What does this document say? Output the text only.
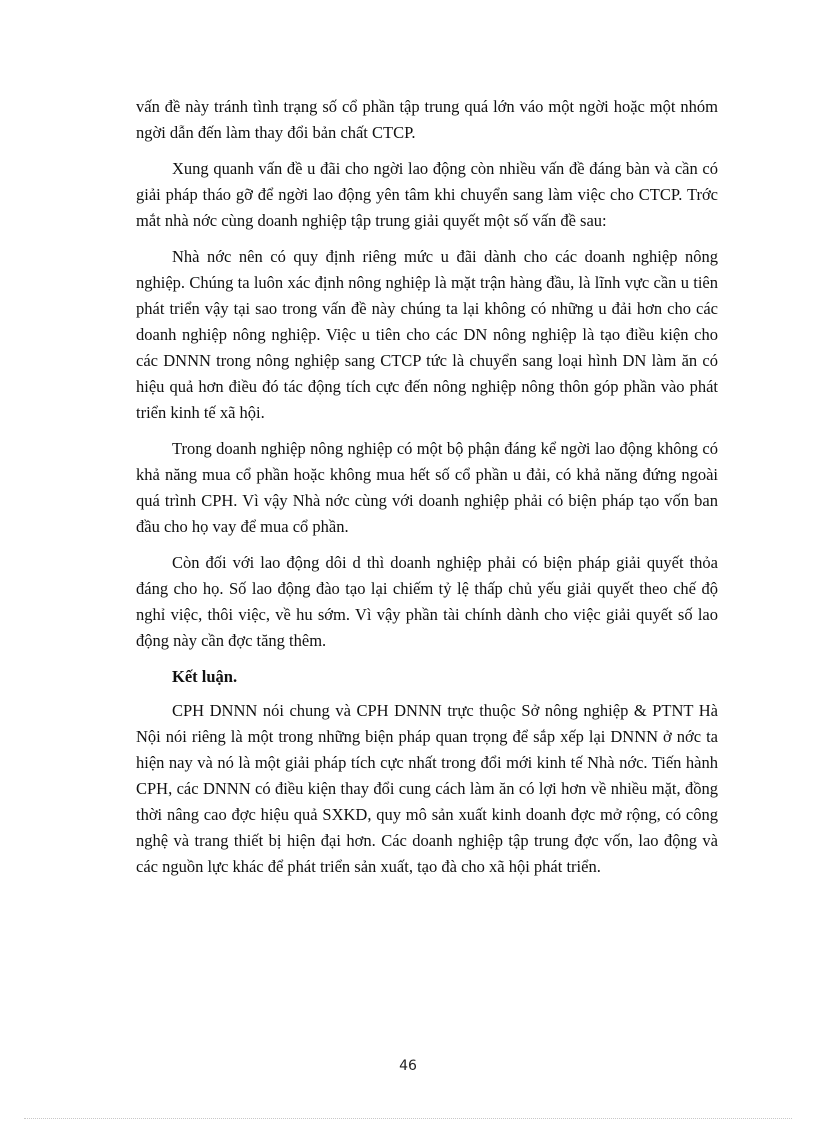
vấn đề này tránh tình trạng số cổ phần tập trung quá lớn váo một ngời hoặc một nhóm ngời dẫn đến làm thay đổi bản chất CTCP.

Xung quanh vấn đề u đãi cho ngời lao động còn nhiều vấn đề đáng bàn và cần có giải pháp tháo gỡ để ngời lao động yên tâm khi chuyển sang làm việc cho CTCP. Trớc mắt nhà nớc cùng doanh nghiệp tập trung giải quyết một số vấn đề sau:

Nhà nớc nên có quy định riêng mức u đãi dành cho các doanh nghiệp nông nghiệp. Chúng ta luôn xác định nông nghiệp là mặt trận hàng đầu, là lĩnh vực cần u tiên phát triển vậy tại sao trong vấn đề này chúng ta lại không có những u đải hơn cho các doanh nghiệp nông nghiệp. Việc u tiên cho các DN nông nghiệp là tạo điều kiện cho các DNNN trong nông nghiệp sang CTCP tức là chuyển sang loại hình DN làm ăn có hiệu quả hơn điều đó tác động tích cực đến nông nghiệp nông thôn góp phần vào phát triển kinh tế xã hội.

Trong doanh nghiệp nông nghiệp có một bộ phận đáng kể ngời lao động không có khả năng mua cổ phần hoặc không mua hết số cổ phần u đải, có khả năng đứng ngoài quá trình CPH. Vì vậy Nhà nớc cùng với doanh nghiệp phải có biện pháp tạo vốn ban đầu cho họ vay để mua cổ phần.

Còn đối với lao động dôi d thì doanh nghiệp phải có biện pháp giải quyết thỏa đáng cho họ. Số lao động đào tạo lại chiếm tỷ lệ thấp chủ yếu giải quyết theo chế độ nghỉ việc, thôi việc, về hu sớm. Vì vậy phần tài chính dành cho việc giải quyết số lao động này cần đợc tăng thêm.

Kết luận.

CPH DNNN nói chung và CPH DNNN trực thuộc Sở nông nghiệp & PTNT Hà Nội nói riêng là một trong những biện pháp quan trọng để sắp xếp lại DNNN ở nớc ta hiện nay và nó là một giải pháp tích cực nhất trong đổi mới kinh tế Nhà nớc. Tiến hành CPH, các DNNN có điều kiện thay đổi cung cách làm ăn có lợi hơn về nhiều mặt, đồng thời nâng cao đợc hiệu quả SXKD, quy mô sản xuất kinh doanh đợc mở rộng, có công nghệ và trang thiết bị hiện đại hơn. Các doanh nghiệp tập trung đợc vốn, lao động và các nguồn lực khác để phát triển sản xuất, tạo đà cho xã hội phát triển.

46
